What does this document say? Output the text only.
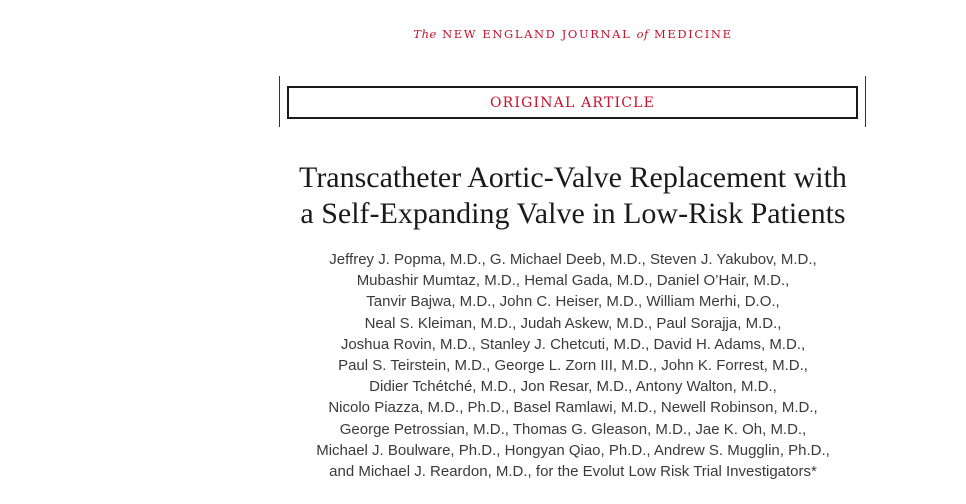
The NEW ENGLAND JOURNAL of MEDICINE
ORIGINAL ARTICLE
Transcatheter Aortic-Valve Replacement with
a Self-Expanding Valve in Low-Risk Patients
Jeffrey J. Popma, M.D., G. Michael Deeb, M.D., Steven J. Yakubov, M.D.,
Mubashir Mumtaz, M.D., Hemal Gada, M.D., Daniel O’Hair, M.D.,
Tanvir Bajwa, M.D., John C. Heiser, M.D., William Merhi, D.O.,
Neal S. Kleiman, M.D., Judah Askew, M.D., Paul Sorajja, M.D.,
Joshua Rovin, M.D., Stanley J. Chetcuti, M.D., David H. Adams, M.D.,
Paul S. Teirstein, M.D., George L. Zorn III, M.D., John K. Forrest, M.D.,
Didier Tchétché, M.D., Jon Resar, M.D., Antony Walton, M.D.,
Nicolo Piazza, M.D., Ph.D., Basel Ramlawi, M.D., Newell Robinson, M.D.,
George Petrossian, M.D., Thomas G. Gleason, M.D., Jae K. Oh, M.D.,
Michael J. Boulware, Ph.D., Hongyan Qiao, Ph.D., Andrew S. Mugglin, Ph.D.,
and Michael J. Reardon, M.D., for the Evolut Low Risk Trial Investigators*
